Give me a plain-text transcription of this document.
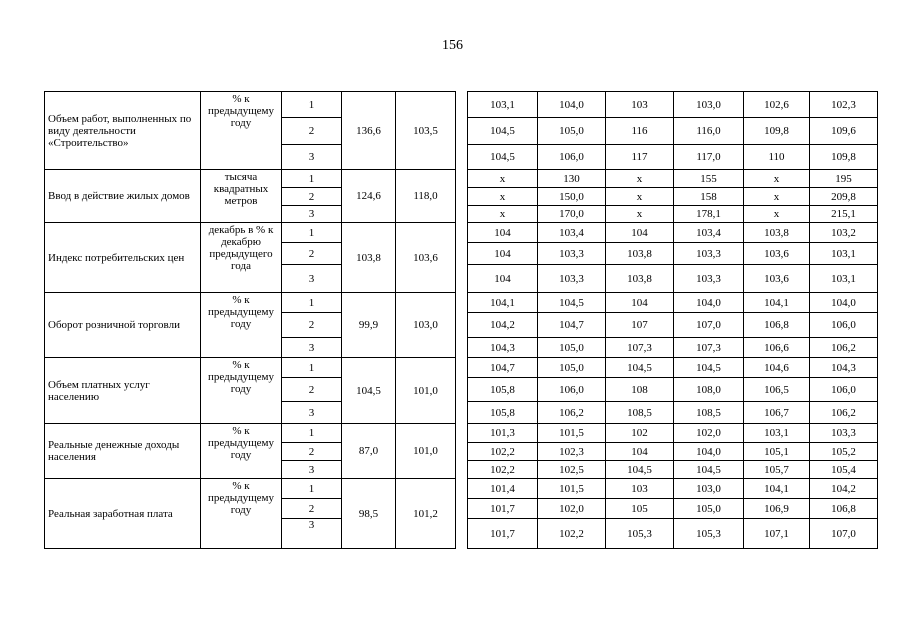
156
Объем работ, выполненных по виду деятельности «Строительство»	% к предыдущему году	1	136,6	103,5		103,1	104,0	103	103,0	102,6	102,3
		2				104,5	105,0	116	116,0	109,8	109,6
		3				104,5	106,0	117	117,0	110	109,8
Ввод в действие жилых домов	тысяча квадратных метров	1	124,6	118,0		х	130	х	155	х	195
		2				х	150,0	х	158	х	209,8
		3				х	170,0	х	178,1	х	215,1
Индекс потребительских цен	декабрь в % к декабрю предыдущего года	1	103,8	103,6		104	103,4	104	103,4	103,8	103,2
		2				104	103,3	103,8	103,3	103,6	103,1
		3				104	103,3	103,8	103,3	103,6	103,1
Оборот розничной торговли	% к предыдущему году	1	99,9	103,0		104,1	104,5	104	104,0	104,1	104,0
		2				104,2	104,7	107	107,0	106,8	106,0
		3				104,3	105,0	107,3	107,3	106,6	106,2
Объем платных услуг населению	% к предыдущему году	1	104,5	101,0		104,7	105,0	104,5	104,5	104,6	104,3
		2				105,8	106,0	108	108,0	106,5	106,0
		3				105,8	106,2	108,5	108,5	106,7	106,2
Реальные денежные доходы населения	% к предыдущему году	1	87,0	101,0		101,3	101,5	102	102,0	103,1	103,3
		2				102,2	102,3	104	104,0	105,1	105,2
		3				102,2	102,5	104,5	104,5	105,7	105,4
Реальная заработная плата	% к предыдущему году	1	98,5	101,2		101,4	101,5	103	103,0	104,1	104,2
		2				101,7	102,0	105	105,0	106,9	106,8
		3				101,7	102,2	105,3	105,3	107,1	107,0
